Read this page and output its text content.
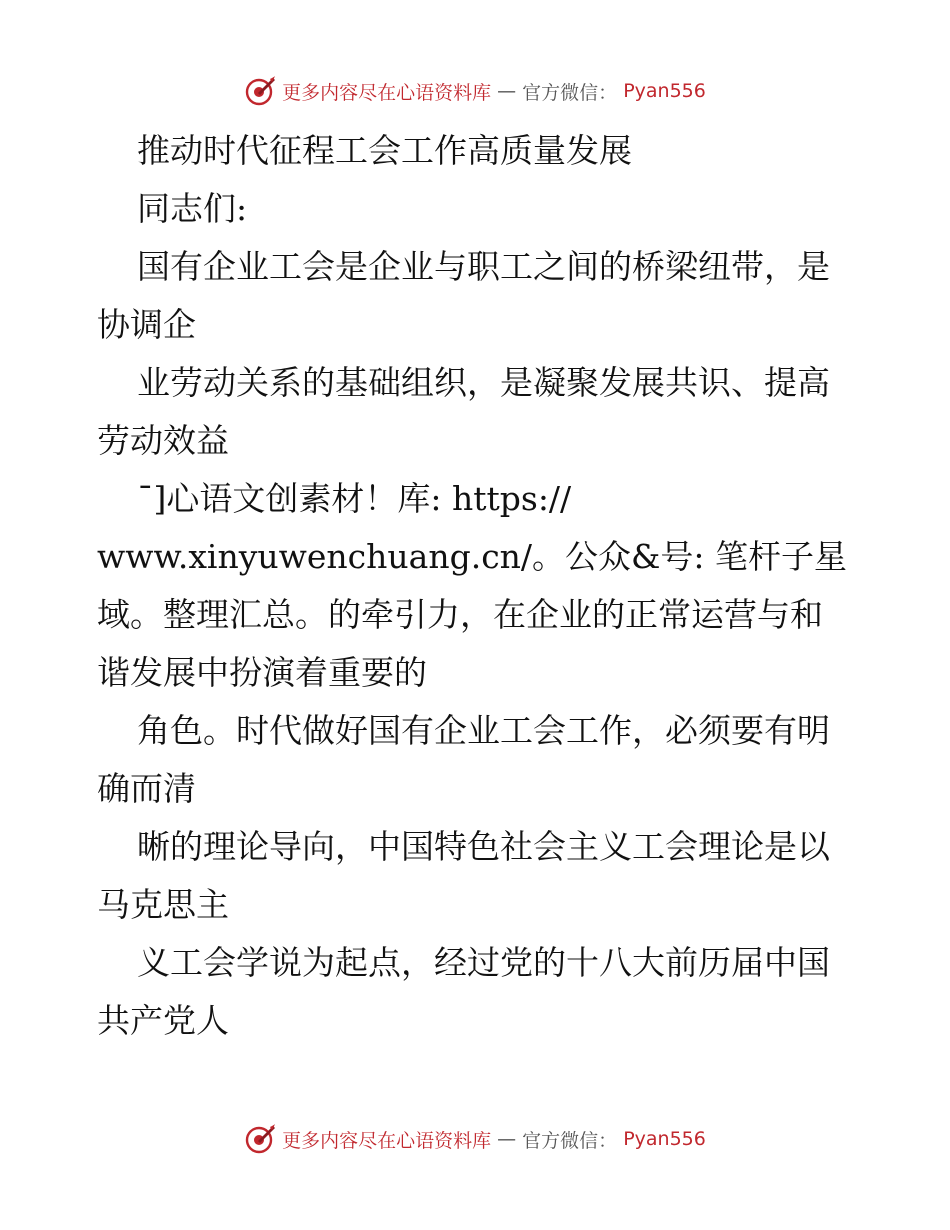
更多内容尽在心语资料库 — 官方微信： Pyan556
推动时代征程工会工作高质量发展
同志们:
国有企业工会是企业与职工之间的桥梁纽带，是
协调企
业劳动关系的基础组织，是凝聚发展共识、提高
劳动效益
¯]心语文创素材！库: https://
www.xinyuwenchuang.cn/。公众&号: 笔杆子星
域。整理汇总。的牵引力，在企业的正常运营与和
谐发展中扮演着重要的
角色。时代做好国有企业工会工作，必须要有明
确而清
晰的理论导向，中国特色社会主义工会理论是以
马克思主
义工会学说为起点，经过党的十八大前历届中国
共产党人
更多内容尽在心语资料库 — 官方微信： Pyan556
